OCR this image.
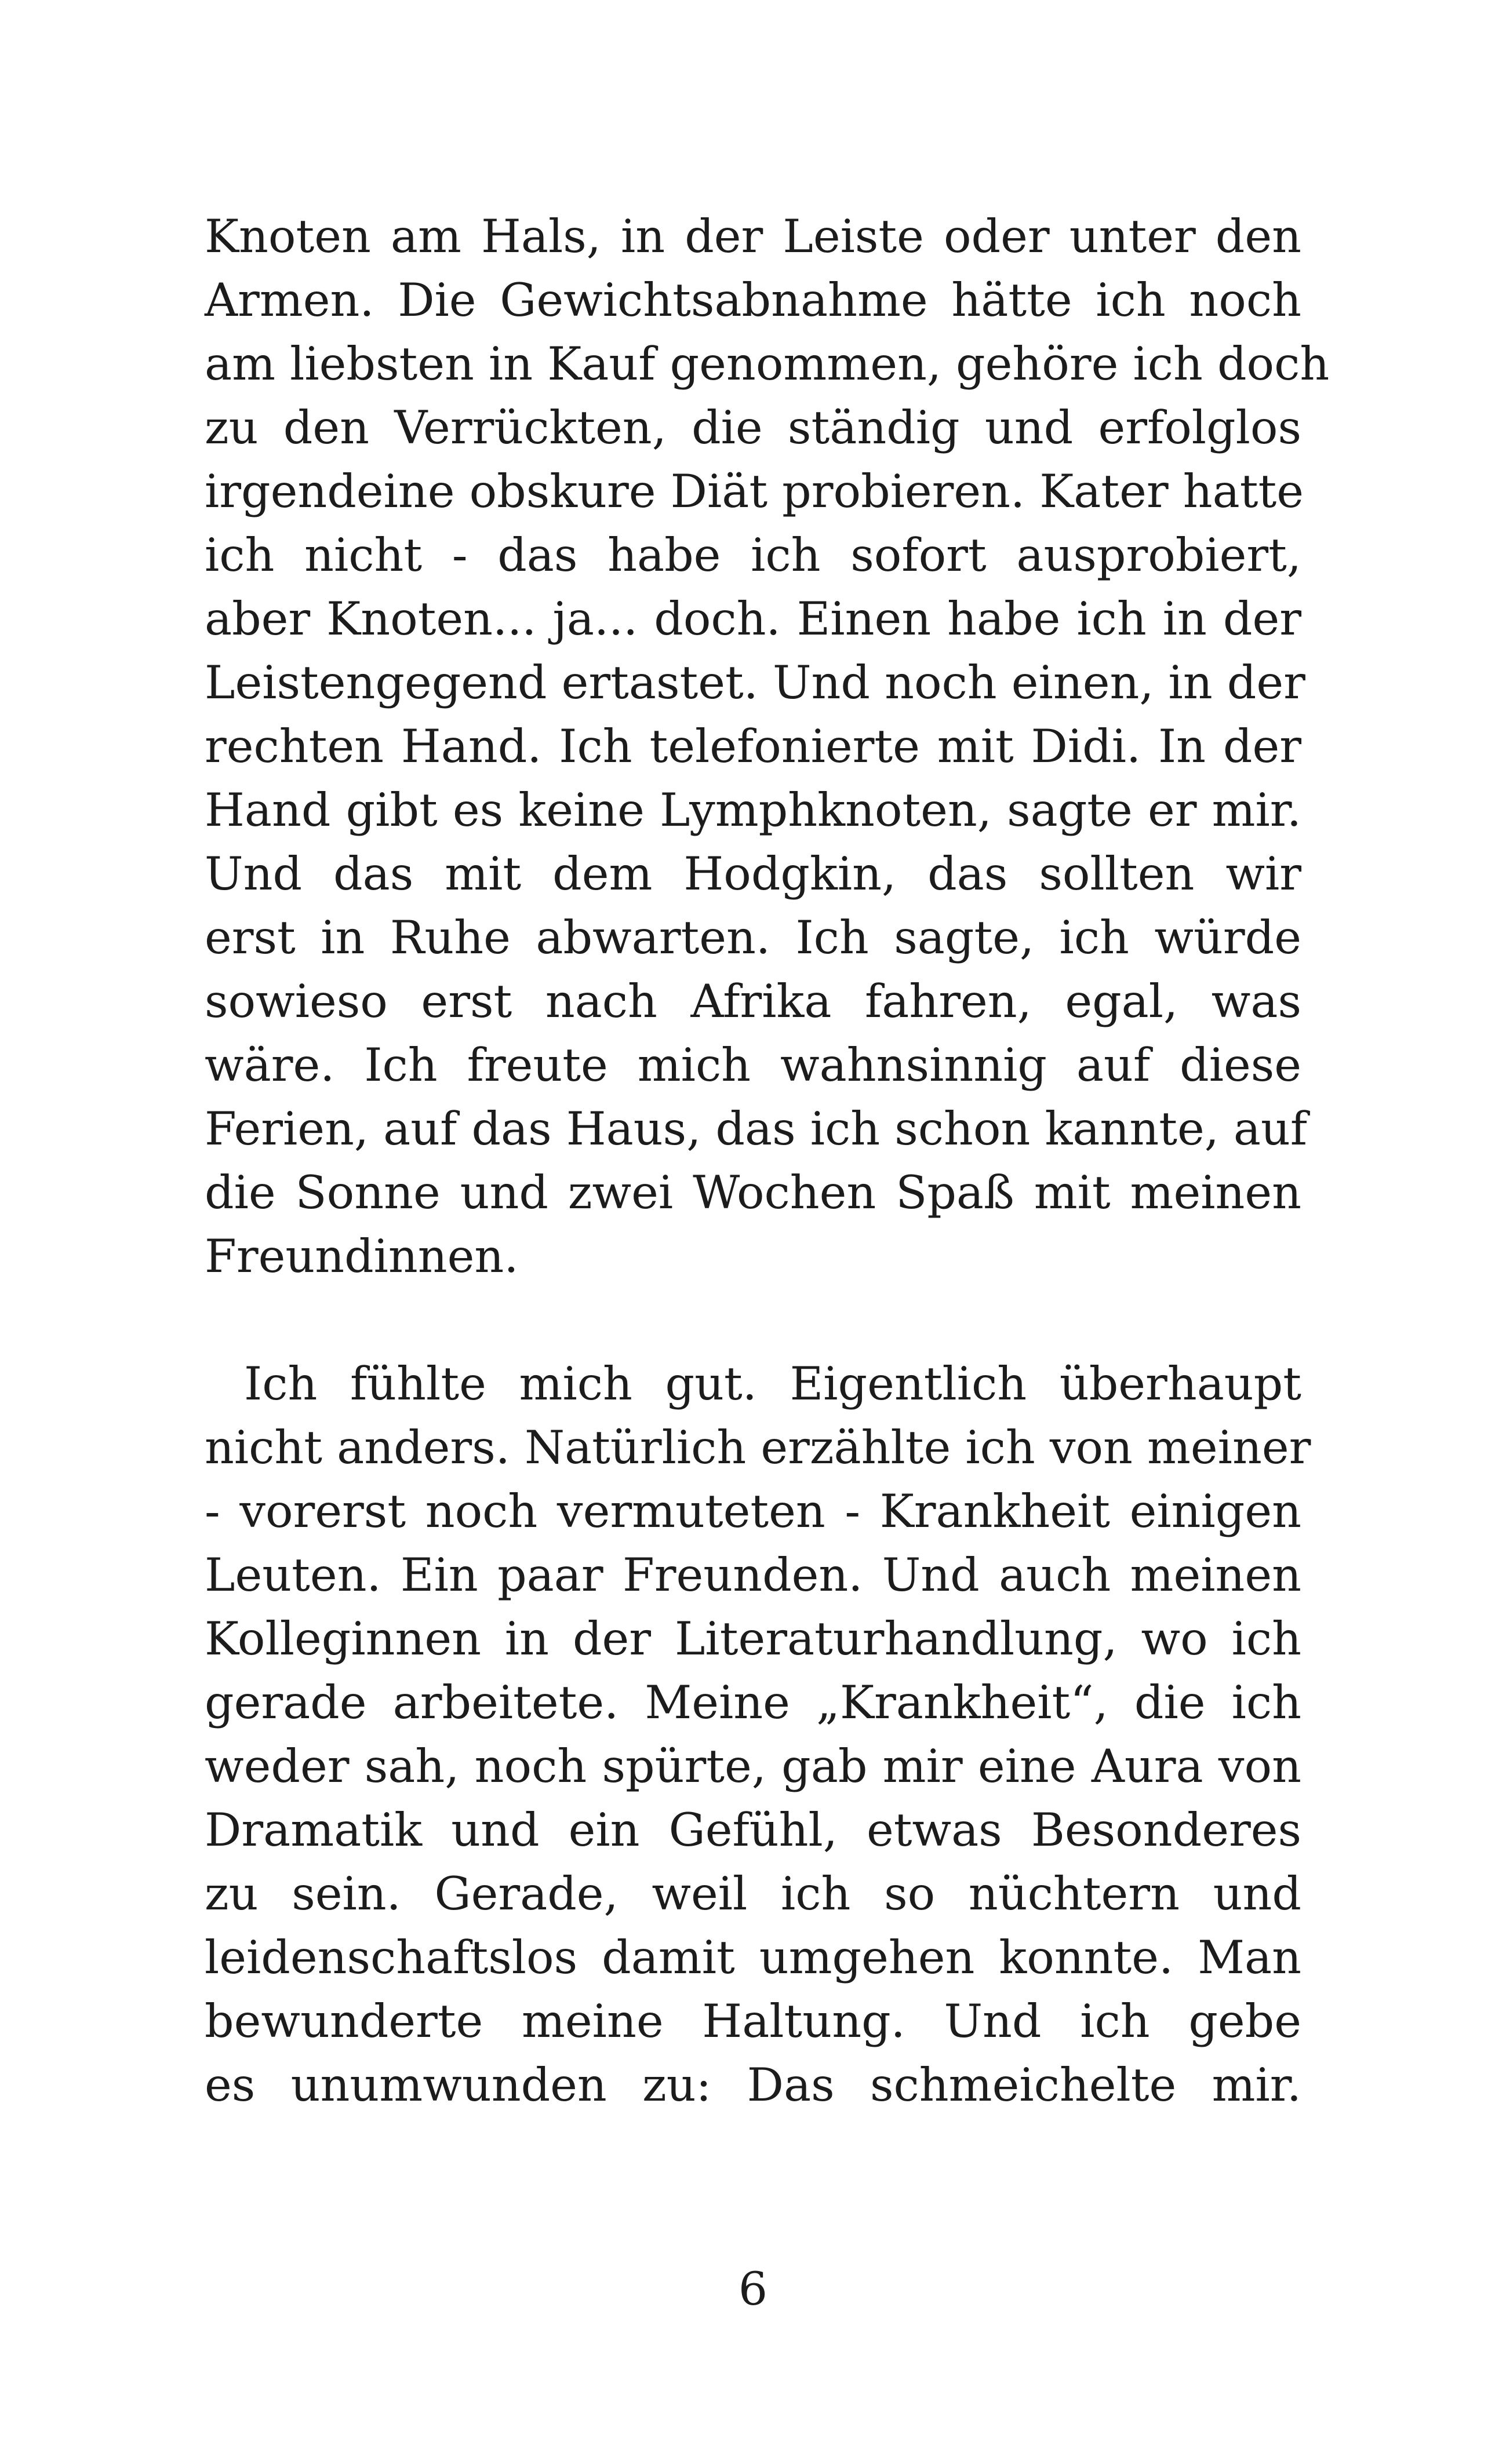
Knoten am Hals, in der Leiste oder unter den
Armen. Die Gewichtsabnahme hätte ich noch
am liebsten in Kauf genommen, gehöre ich doch
zu den Verrückten, die ständig und erfolglos
irgendeine obskure Diät probieren. Kater hatte
ich nicht - das habe ich sofort ausprobiert,
aber Knoten... ja... doch. Einen habe ich in der
Leistengegend ertastet. Und noch einen, in der
rechten Hand. Ich telefonierte mit Didi. In der
Hand gibt es keine Lymphknoten, sagte er mir.
Und das mit dem Hodgkin, das sollten wir
erst in Ruhe abwarten. Ich sagte, ich würde
sowieso erst nach Afrika fahren, egal, was
wäre. Ich freute mich wahnsinnig auf diese
Ferien, auf das Haus, das ich schon kannte, auf
die Sonne und zwei Wochen Spaß mit meinen
Freundinnen.
Ich fühlte mich gut. Eigentlich überhaupt
nicht anders. Natürlich erzählte ich von meiner
- vorerst noch vermuteten - Krankheit einigen
Leuten. Ein paar Freunden. Und auch meinen
Kolleginnen in der Literaturhandlung, wo ich
gerade arbeitete. Meine „Krankheit“, die ich
weder sah, noch spürte, gab mir eine Aura von
Dramatik und ein Gefühl, etwas Besonderes
zu sein. Gerade, weil ich so nüchtern und
leidenschaftslos damit umgehen konnte. Man
bewunderte meine Haltung. Und ich gebe
es unumwunden zu: Das schmeichelte mir.
6
